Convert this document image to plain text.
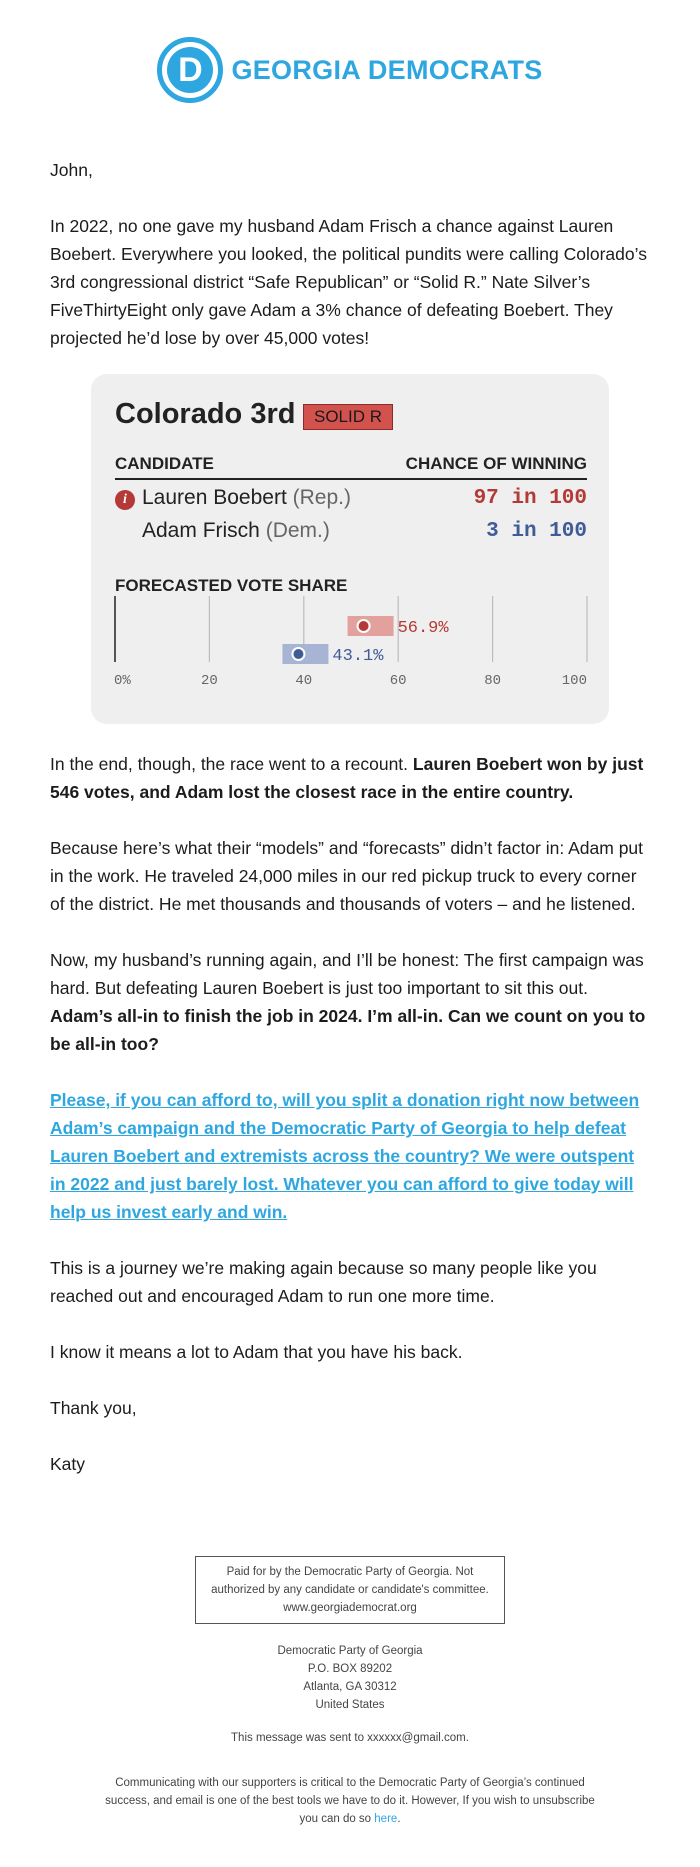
D	GEORGIA DEMOCRATS

John,

In 2022, no one gave my husband Adam Frisch a chance against Lauren Boebert. Everywhere you looked, the political pundits were calling Colorado’s 3rd congressional district “Safe Republican” or “Solid R.” Nate Silver’s FiveThirtyEight only gave Adam a 3% chance of defeating Boebert. They projected he’d lose by over 45,000 votes!

Colorado 3rd	SOLID R
CANDIDATE	CHANCE OF WINNING
i Lauren Boebert (Rep.)	97 in 100
Adam Frisch (Dem.)	3 in 100
FORECASTED VOTE SHARE
0%	20	40	60	80	100
56.9%
43.1%

In the end, though, the race went to a recount. Lauren Boebert won by just 546 votes, and Adam lost the closest race in the entire country.

Because here’s what their “models” and “forecasts” didn’t factor in: Adam put in the work. He traveled 24,000 miles in our red pickup truck to every corner of the district. He met thousands and thousands of voters – and he listened.

Now, my husband’s running again, and I’ll be honest: The first campaign was hard. But defeating Lauren Boebert is just too important to sit this out. Adam’s all-in to finish the job in 2024. I’m all-in. Can we count on you to be all-in too?

Please, if you can afford to, will you split a donation right now between Adam’s campaign and the Democratic Party of Georgia to help defeat Lauren Boebert and extremists across the country? We were outspent in 2022 and just barely lost. Whatever you can afford to give today will help us invest early and win.

This is a journey we’re making again because so many people like you reached out and encouraged Adam to run one more time.

I know it means a lot to Adam that you have his back.

Thank you,

Katy

Paid for by the Democratic Party of Georgia. Not
authorized by any candidate or candidate's committee.
www.georgiademocrat.org
Democratic Party of Georgia
P.O. BOX 89202
Atlanta, GA 30312
United States
This message was sent to xxxxxx@gmail.com.
Communicating with our supporters is critical to the Democratic Party of Georgia’s continued success, and email is one of the best tools we have to do it. However, If you wish to unsubscribe you can do so here.
